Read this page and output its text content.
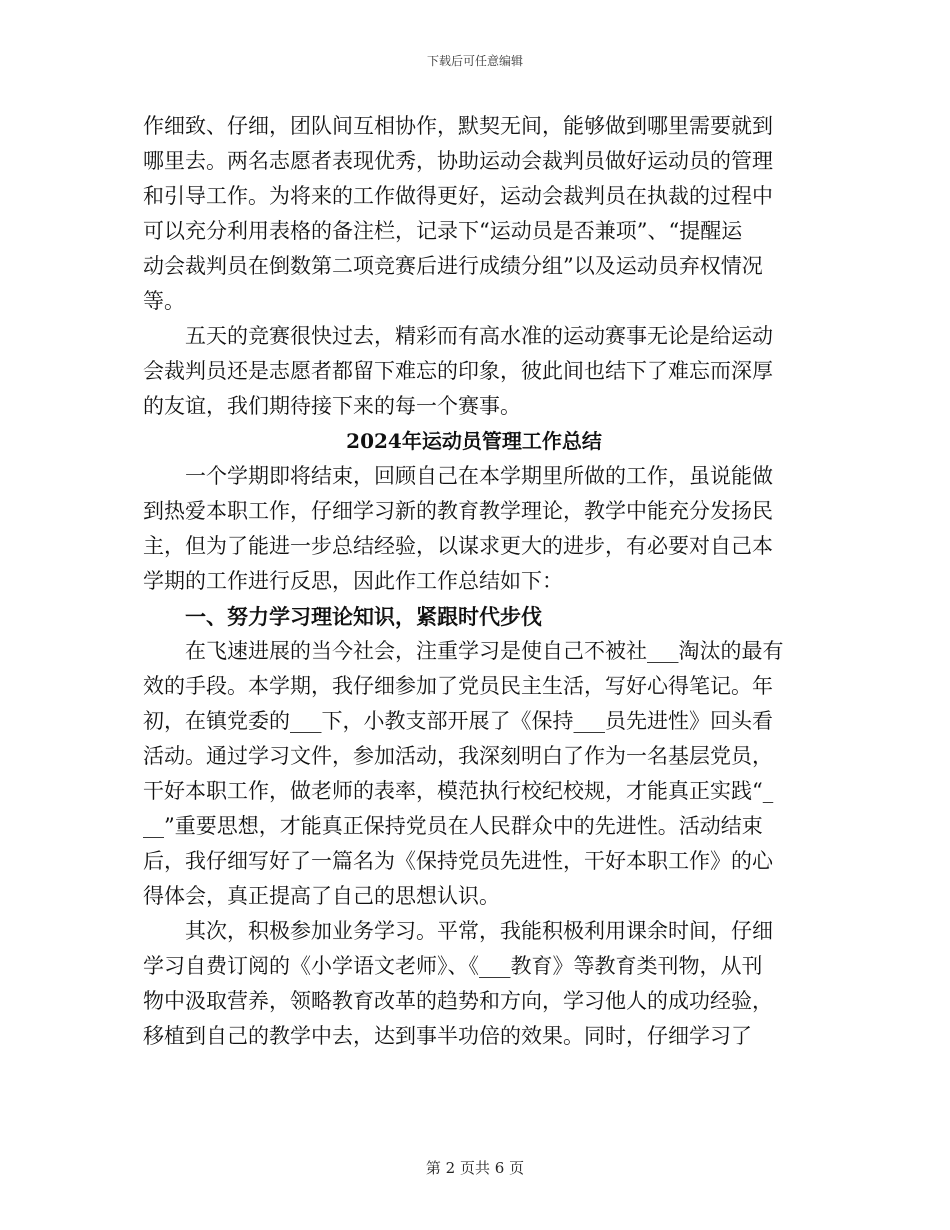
下载后可任意编辑
作细致、仔细，团队间互相协作，默契无间，能够做到哪里需要就到
哪里去。两名志愿者表现优秀，协助运动会裁判员做好运动员的管理
和引导工作。为将来的工作做得更好，运动会裁判员在执裁的过程中
可以充分利用表格的备注栏，记录下“运动员是否兼项”、“提醒运
动会裁判员在倒数第二项竞赛后进行成绩分组”以及运动员弃权情况
等。
　　五天的竞赛很快过去，精彩而有高水准的运动赛事无论是给运动
会裁判员还是志愿者都留下难忘的印象，彼此间也结下了难忘而深厚
的友谊，我们期待接下来的每一个赛事。
2024年运动员管理工作总结
　　一个学期即将结束，回顾自己在本学期里所做的工作，虽说能做
到热爱本职工作，仔细学习新的教育教学理论，教学中能充分发扬民
主，但为了能进一步总结经验，以谋求更大的进步，有必要对自己本
学期的工作进行反思，因此作工作总结如下：
　　一、努力学习理论知识，紧跟时代步伐
　　在飞速进展的当今社会，注重学习是使自己不被社___淘汰的最有
效的手段。本学期，我仔细参加了党员民主生活，写好心得笔记。年
初，在镇党委的___下，小教支部开展了《保持___员先进性》回头看
活动。通过学习文件，参加活动，我深刻明白了作为一名基层党员，
干好本职工作，做老师的表率，模范执行校纪校规，才能真正实践“_
__”重要思想，才能真正保持党员在人民群众中的先进性。活动结束
后，我仔细写好了一篇名为《保持党员先进性，干好本职工作》的心
得体会，真正提高了自己的思想认识。
　　其次，积极参加业务学习。平常，我能积极利用课余时间，仔细
学习自费订阅的《小学语文老师》、《___教育》等教育类刊物，从刊
物中汲取营养，领略教育改革的趋势和方向，学习他人的成功经验，
移植到自己的教学中去，达到事半功倍的效果。同时，仔细学习了
第 2 页共 6 页
